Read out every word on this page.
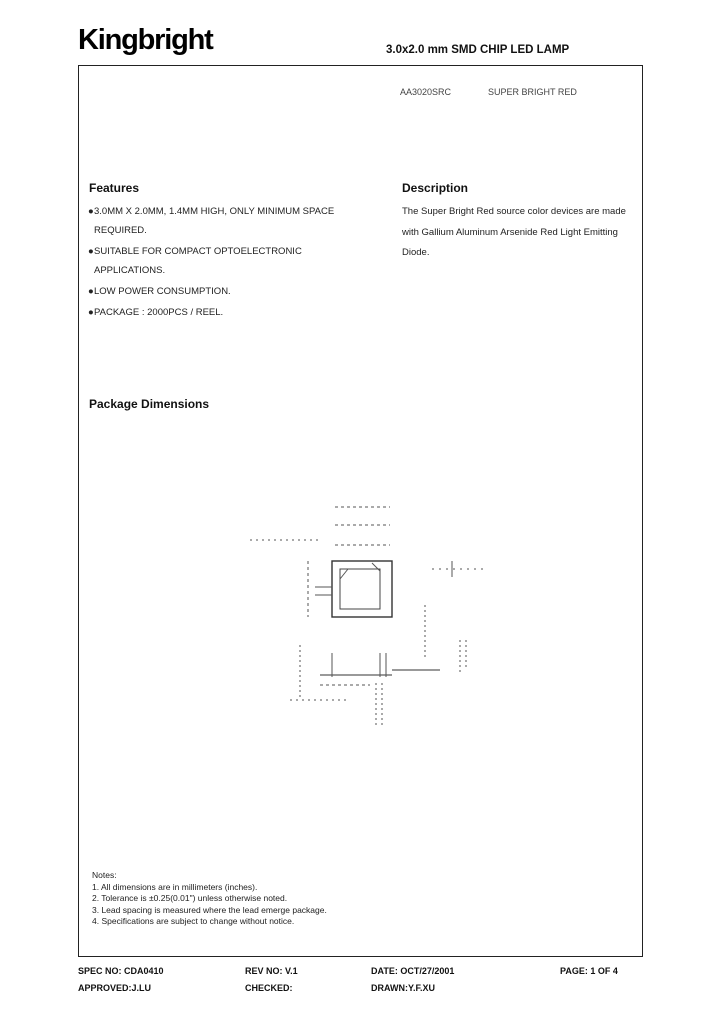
Kingbright	3.0x2.0 mm SMD CHIP LED LAMP
AA3020SRC	SUPER BRIGHT RED
Features
● 3.0MM X 2.0MM, 1.4MM HIGH, ONLY MINIMUM SPACE REQUIRED.
● SUITABLE FOR COMPACT OPTOELECTRONIC APPLICATIONS.
● LOW POWER CONSUMPTION.
● PACKAGE : 2000PCS / REEL.
Description
The Super Bright Red source color devices are made with Gallium Aluminum Arsenide Red Light Emitting Diode.
Package Dimensions
Notes:
1. All dimensions are in millimeters (inches).
2. Tolerance is ±0.25(0.01") unless otherwise noted.
3. Lead spacing is measured where the lead emerge package.
4. Specifications are subject to change without notice.
SPEC NO: CDA0410	REV NO: V.1	DATE: OCT/27/2001	PAGE: 1 OF 4
APPROVED:J.LU	CHECKED:	DRAWN:Y.F.XU
